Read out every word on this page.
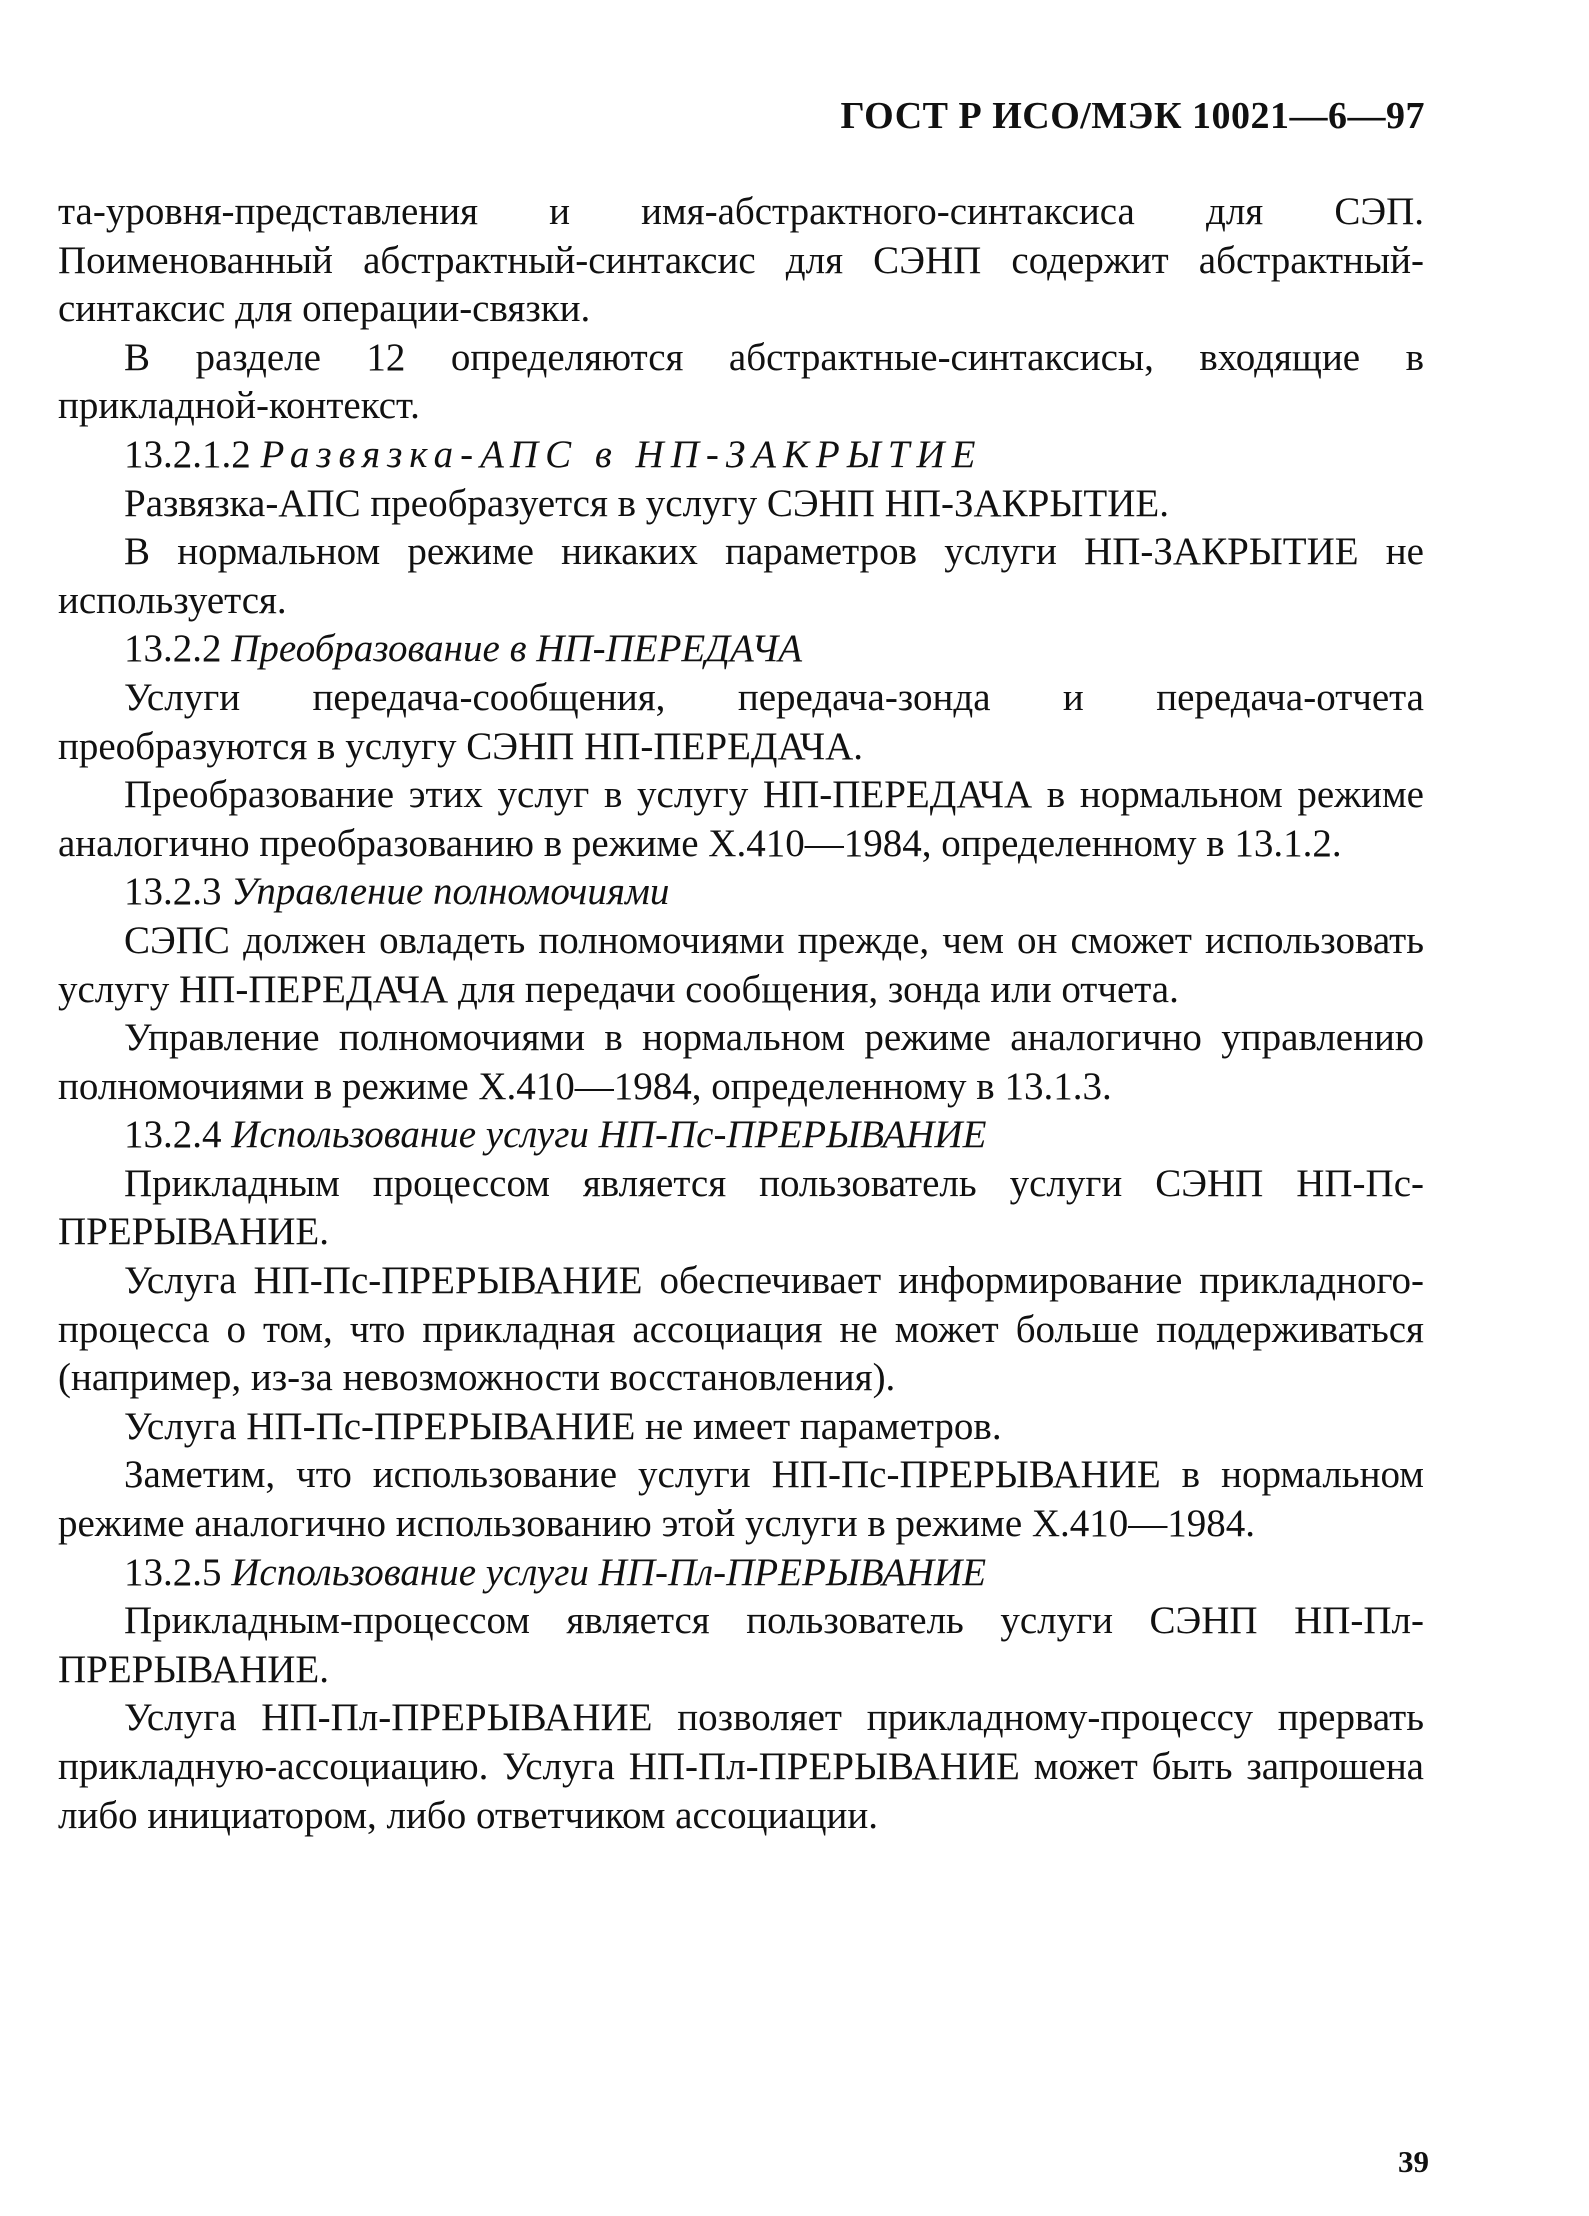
ГОСТ Р ИСО/МЭК 10021—6—97

та-уровня-представления и имя-абстрактного-синтаксиса для СЭП. Поименованный абстрактный-синтаксис для СЭНП содержит абстрактный-синтаксис для операции-связки.

В разделе 12 определяются абстрактные-синтаксисы, входящие в прикладной-контекст.

13.2.1.2 Развязка-АПС в НП-ЗАКРЫТИЕ

Развязка-АПС преобразуется в услугу СЭНП НП-ЗАКРЫТИЕ.

В нормальном режиме никаких параметров услуги НП-ЗАКРЫТИЕ не используется.

13.2.2 Преобразование в НП-ПЕРЕДАЧА

Услуги передача-сообщения, передача-зонда и передача-отчета преобразуются в услугу СЭНП НП-ПЕРЕДАЧА.

Преобразование этих услуг в услугу НП-ПЕРЕДАЧА в нормальном режиме аналогично преобразованию в режиме Х.410—1984, определенному в 13.1.2.

13.2.3 Управление полномочиями

СЭПС должен овладеть полномочиями прежде, чем он сможет использовать услугу НП-ПЕРЕДАЧА для передачи сообщения, зонда или отчета.

Управление полномочиями в нормальном режиме аналогично управлению полномочиями в режиме Х.410—1984, определенному в 13.1.3.

13.2.4 Использование услуги НП-Пс-ПРЕРЫВАНИЕ

Прикладным процессом является пользователь услуги СЭНП НП-Пс-ПРЕРЫВАНИЕ.

Услуга НП-Пс-ПРЕРЫВАНИЕ обеспечивает информирование прикладного-процесса о том, что прикладная ассоциация не может больше поддерживаться (например, из-за невозможности восстановления).

Услуга НП-Пс-ПРЕРЫВАНИЕ не имеет параметров.

Заметим, что использование услуги НП-Пс-ПРЕРЫВАНИЕ в нормальном режиме аналогично использованию этой услуги в режиме Х.410—1984.

13.2.5 Использование услуги НП-Пл-ПРЕРЫВАНИЕ

Прикладным-процессом является пользователь услуги СЭНП НП-Пл-ПРЕРЫВАНИЕ.

Услуга НП-Пл-ПРЕРЫВАНИЕ позволяет прикладному-процессу прервать прикладную-ассоциацию. Услуга НП-Пл-ПРЕРЫВАНИЕ может быть запрошена либо инициатором, либо ответчиком ассоциации.

39
